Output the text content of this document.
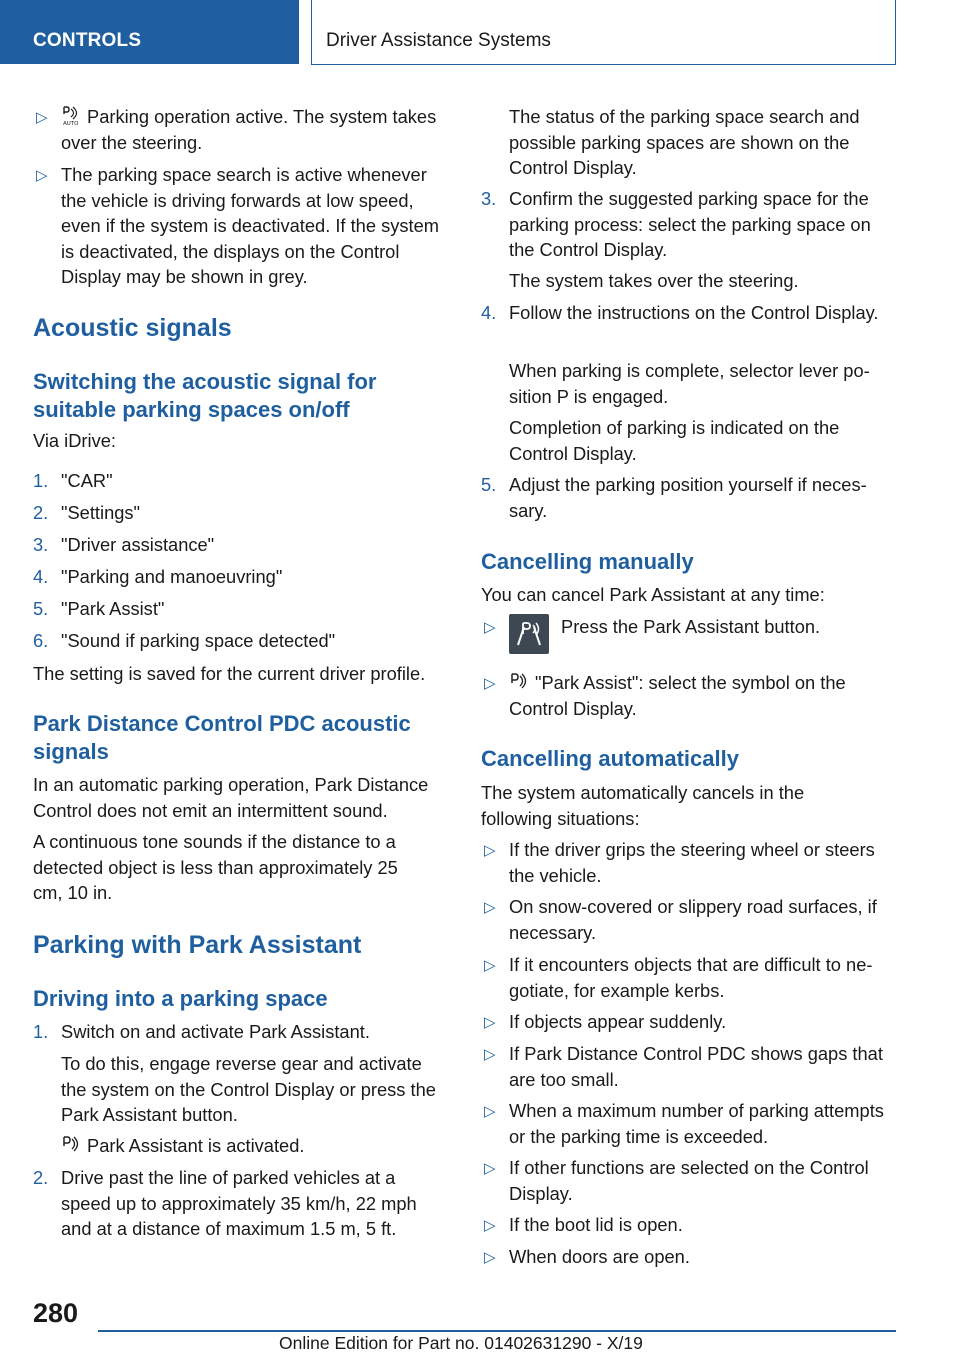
CONTROLS	Driver Assistance Systems
▷	AUTO Parking operation active. The system takes over the steering.
▷ The parking space search is active whenever the vehicle is driving forwards at low speed, even if the system is deactivated. If the system is deactivated, the displays on the Control Display may be shown in grey.
Acoustic signals
Switching the acoustic signal for suitable parking spaces on/off
Via iDrive:
1. "CAR"
2. "Settings"
3. "Driver assistance"
4. "Parking and manoeuvring"
5. "Park Assist"
6. "Sound if parking space detected"
The setting is saved for the current driver profile.
Park Distance Control PDC acoustic signals
In an automatic parking operation, Park Distance Control does not emit an intermittent sound.
A continuous tone sounds if the distance to a detected object is less than approximately 25 cm, 10 in.
Parking with Park Assistant
Driving into a parking space
1. Switch on and activate Park Assistant.
To do this, engage reverse gear and activate the system on the Control Display or press the Park Assistant button.
Park Assistant is activated.
2. Drive past the line of parked vehicles at a speed up to approximately 35 km/h, 22 mph and at a distance of maximum 1.5 m, 5 ft.
The status of the parking space search and possible parking spaces are shown on the Control Display.
3. Confirm the suggested parking space for the parking process: select the parking space on the Control Display.
The system takes over the steering.
4. Follow the instructions on the Control Display.
When parking is complete, selector lever position P is engaged.
Completion of parking is indicated on the Control Display.
5. Adjust the parking position yourself if necessary.
Cancelling manually
You can cancel Park Assistant at any time:
▷	Press the Park Assistant button.
▷ "Park Assist": select the symbol on the Control Display.
Cancelling automatically
The system automatically cancels in the following situations:
▷ If the driver grips the steering wheel or steers the vehicle.
▷ On snow-covered or slippery road surfaces, if necessary.
▷ If it encounters objects that are difficult to negotiate, for example kerbs.
▷ If objects appear suddenly.
▷ If Park Distance Control PDC shows gaps that are too small.
▷ When a maximum number of parking attempts or the parking time is exceeded.
▷ If other functions are selected on the Control Display.
▷ If the boot lid is open.
▷ When doors are open.
280
Online Edition for Part no. 01402631290 - X/19
